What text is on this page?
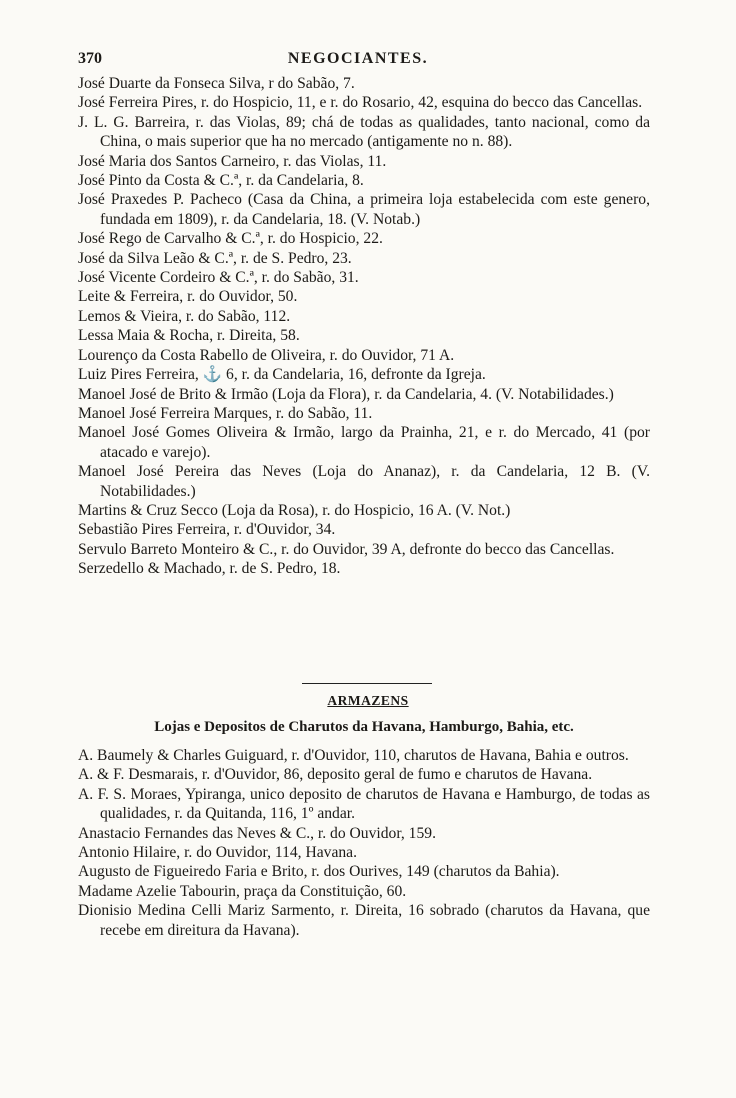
370	NEGOCIANTES.
José Duarte da Fonseca Silva, r do Sabão, 7.
José Ferreira Pires, r. do Hospicio, 11, e r. do Rosario, 42, esquina do becco das Cancellas.
J. L. G. Barreira, r. das Violas, 89; chá de todas as qualidades, tanto nacional, como da China, o mais superior que ha no mercado (antigamente no n. 88).
José Maria dos Santos Carneiro, r. das Violas, 11.
José Pinto da Costa & C.ª, r. da Candelaria, 8.
José Praxedes P. Pacheco (Casa da China, a primeira loja estabelecida com este genero, fundada em 1809), r. da Candelaria, 18. (V. Notab.)
José Rego de Carvalho & C.ª, r. do Hospicio, 22.
José da Silva Leão & C.ª, r. de S. Pedro, 23.
José Vicente Cordeiro & C.ª, r. do Sabão, 31.
Leite & Ferreira, r. do Ouvidor, 50.
Lemos & Vieira, r. do Sabão, 112.
Lessa Maia & Rocha, r. Direita, 58.
Lourenço da Costa Rabello de Oliveira, r. do Ouvidor, 71 A.
Luiz Pires Ferreira, ⚓ 6, r. da Candelaria, 16, defronte da Igreja.
Manoel José de Brito & Irmão (Loja da Flora), r. da Candelaria, 4. (V. Notabilidades.)
Manoel José Ferreira Marques, r. do Sabão, 11.
Manoel José Gomes Oliveira & Irmão, largo da Prainha, 21, e r. do Mercado, 41 (por atacado e varejo).
Manoel José Pereira das Neves (Loja do Ananaz), r. da Candelaria, 12 B. (V. Notabilidades.)
Martins & Cruz Secco (Loja da Rosa), r. do Hospicio, 16 A. (V. Not.)
Sebastião Pires Ferreira, r. d'Ouvidor, 34.
Servulo Barreto Monteiro & C., r. do Ouvidor, 39 A, defronte do becco das Cancellas.
Serzedello & Machado, r. de S. Pedro, 18.
ARMAZENS
Lojas e Depositos de Charutos da Havana, Hamburgo, Bahia, etc.
A. Baumely & Charles Guiguard, r. d'Ouvidor, 110, charutos de Havana, Bahia e outros.
A. & F. Desmarais, r. d'Ouvidor, 86, deposito geral de fumo e charutos de Havana.
A. F. S. Moraes, Ypiranga, unico deposito de charutos de Havana e Hamburgo, de todas as qualidades, r. da Quitanda, 116, 1º andar.
Anastacio Fernandes das Neves & C., r. do Ouvidor, 159.
Antonio Hilaire, r. do Ouvidor, 114, Havana.
Augusto de Figueiredo Faria e Brito, r. dos Ourives, 149 (charutos da Bahia).
Madame Azelie Tabourin, praça da Constituição, 60.
Dionisio Medina Celli Mariz Sarmento, r. Direita, 16 sobrado (charutos da Havana, que recebe em direitura da Havana).
